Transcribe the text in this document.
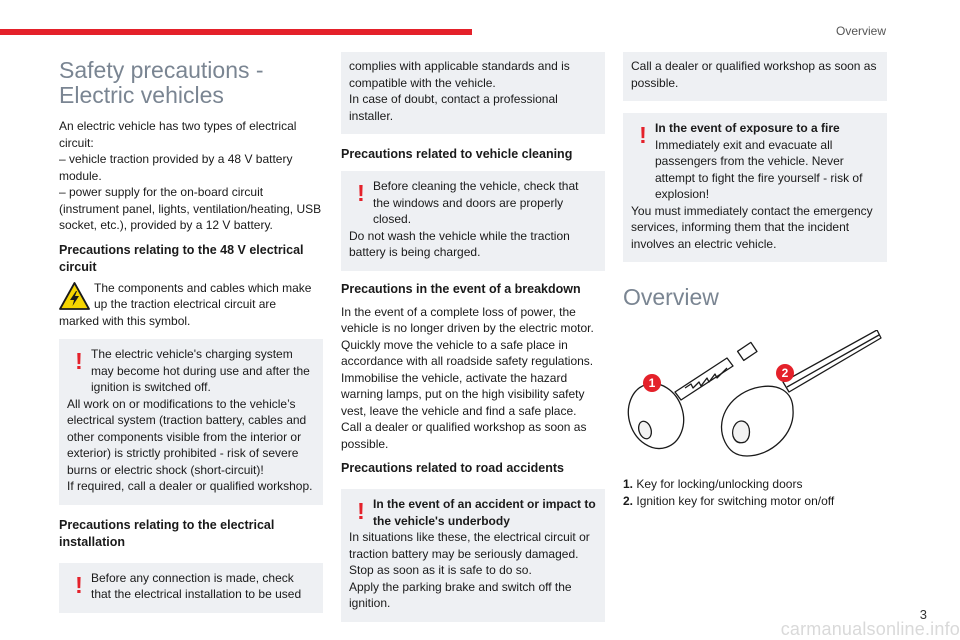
Overview
Safety precautions -
Electric vehicles

An electric vehicle has two types of electrical circuit:

– vehicle traction provided by a 48 V battery module.

– power supply for the on-board circuit (instrument panel, lights, ventilation/heating, USB socket, etc.), provided by a 12 V battery.

Precautions relating to the 48 V electrical circuit

The components and cables which make up the traction electrical circuit are

marked with this symbol.

! The electric vehicle's charging system may become hot during use and after the ignition is switched off.

All work on or modifications to the vehicle’s electrical system (traction battery, cables and other components visible from the interior or exterior) is strictly prohibited - risk of severe burns or electric shock (short-circuit)!

If required, call a dealer or qualified workshop.

Precautions relating to the electrical installation
! Before any connection is made, check that the electrical installation to be used

complies with applicable standards and is compatible with the vehicle.

In case of doubt, contact a professional installer.

Precautions related to vehicle cleaning
! Before cleaning the vehicle, check that the windows and doors are properly closed.

Do not wash the vehicle while the traction battery is being charged.

Precautions in the event of a breakdown

In the event of a complete loss of power, the vehicle is no longer driven by the electric motor. Quickly move the vehicle to a safe place in accordance with all roadside safety regulations.

Immobilise the vehicle, activate the hazard warning lamps, put on the high visibility safety vest, leave the vehicle and find a safe place.

Call a dealer or qualified workshop as soon as possible.

Precautions related to road accidents
! In the event of an accident or impact to the vehicle's underbody

In situations like these, the electrical circuit or traction battery may be seriously damaged.

Stop as soon as it is safe to do so.

Apply the parking brake and switch off the ignition.

Call a dealer or qualified workshop as soon as possible.

! In the event of exposure to a fire

Immediately exit and evacuate all passengers from the vehicle. Never attempt to fight the fire yourself - risk of explosion!

You must immediately contact the emergency services, informing them that the incident involves an electric vehicle.

Overview
1
2

1. Key for locking/unlocking doors

2. Ignition key for switching motor on/off

3
carmanualsonline.info
